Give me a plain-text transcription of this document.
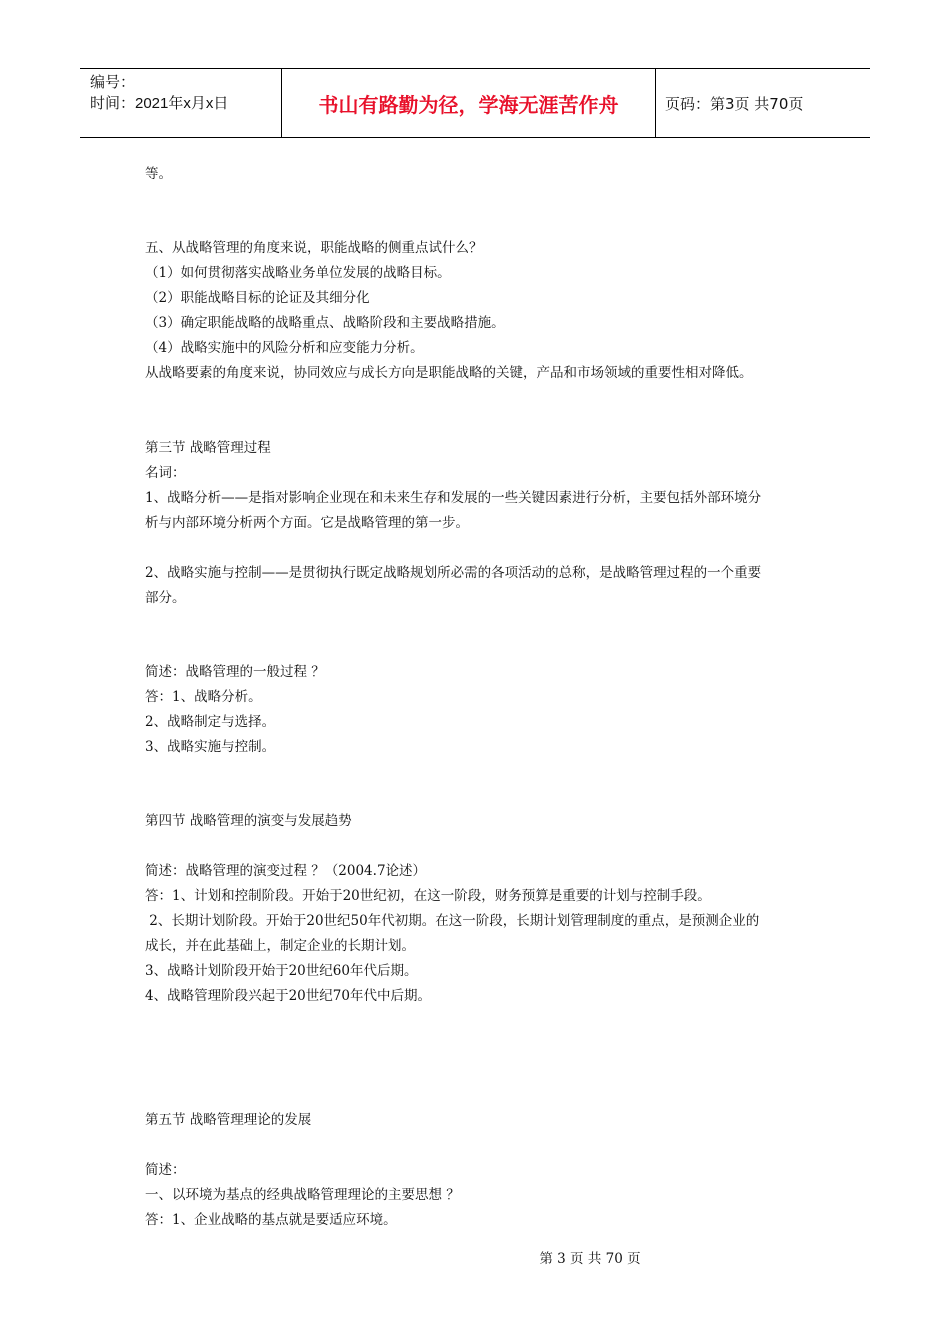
编号：
时间：2021年x月x日	书山有路勤为径，学海无涯苦作舟	页码：第3页 共70页
等。
五、从战略管理的角度来说，职能战略的侧重点试什么？
（1）如何贯彻落实战略业务单位发展的战略目标。
（2）职能战略目标的论证及其细分化
（3）确定职能战略的战略重点、战略阶段和主要战略措施。
（4）战略实施中的风险分析和应变能力分析。
从战略要素的角度来说，协同效应与成长方向是职能战略的关键，产品和市场领域的重要性相对降低。
第三节 战略管理过程
名词：
1、战略分析——是指对影响企业现在和未来生存和发展的一些关键因素进行分析，主要包括外部环境分
析与内部环境分析两个方面。它是战略管理的第一步。
2、战略实施与控制——是贯彻执行既定战略规划所必需的各项活动的总称，是战略管理过程的一个重要
部分。
简述：战略管理的一般过程 ？
答：1、战略分析。
2、战略制定与选择。
3、战略实施与控制。
第四节 战略管理的演变与发展趋势
简述：战略管理的演变过程 ？（2004.7论述）
答：1、计划和控制阶段。开始于20世纪初，在这一阶段，财务预算是重要的计划与控制手段。
2、长期计划阶段。开始于20世纪50年代初期。在这一阶段，长期计划管理制度的重点，是预测企业的
成长，并在此基础上，制定企业的长期计划。
3、战略计划阶段开始于20世纪60年代后期。
4、战略管理阶段兴起于20世纪70年代中后期。
第五节 战略管理理论的发展
简述：
一、以环境为基点的经典战略管理理论的主要思想 ？
答：1、企业战略的基点就是要适应环境。
第 3 页 共 70 页
